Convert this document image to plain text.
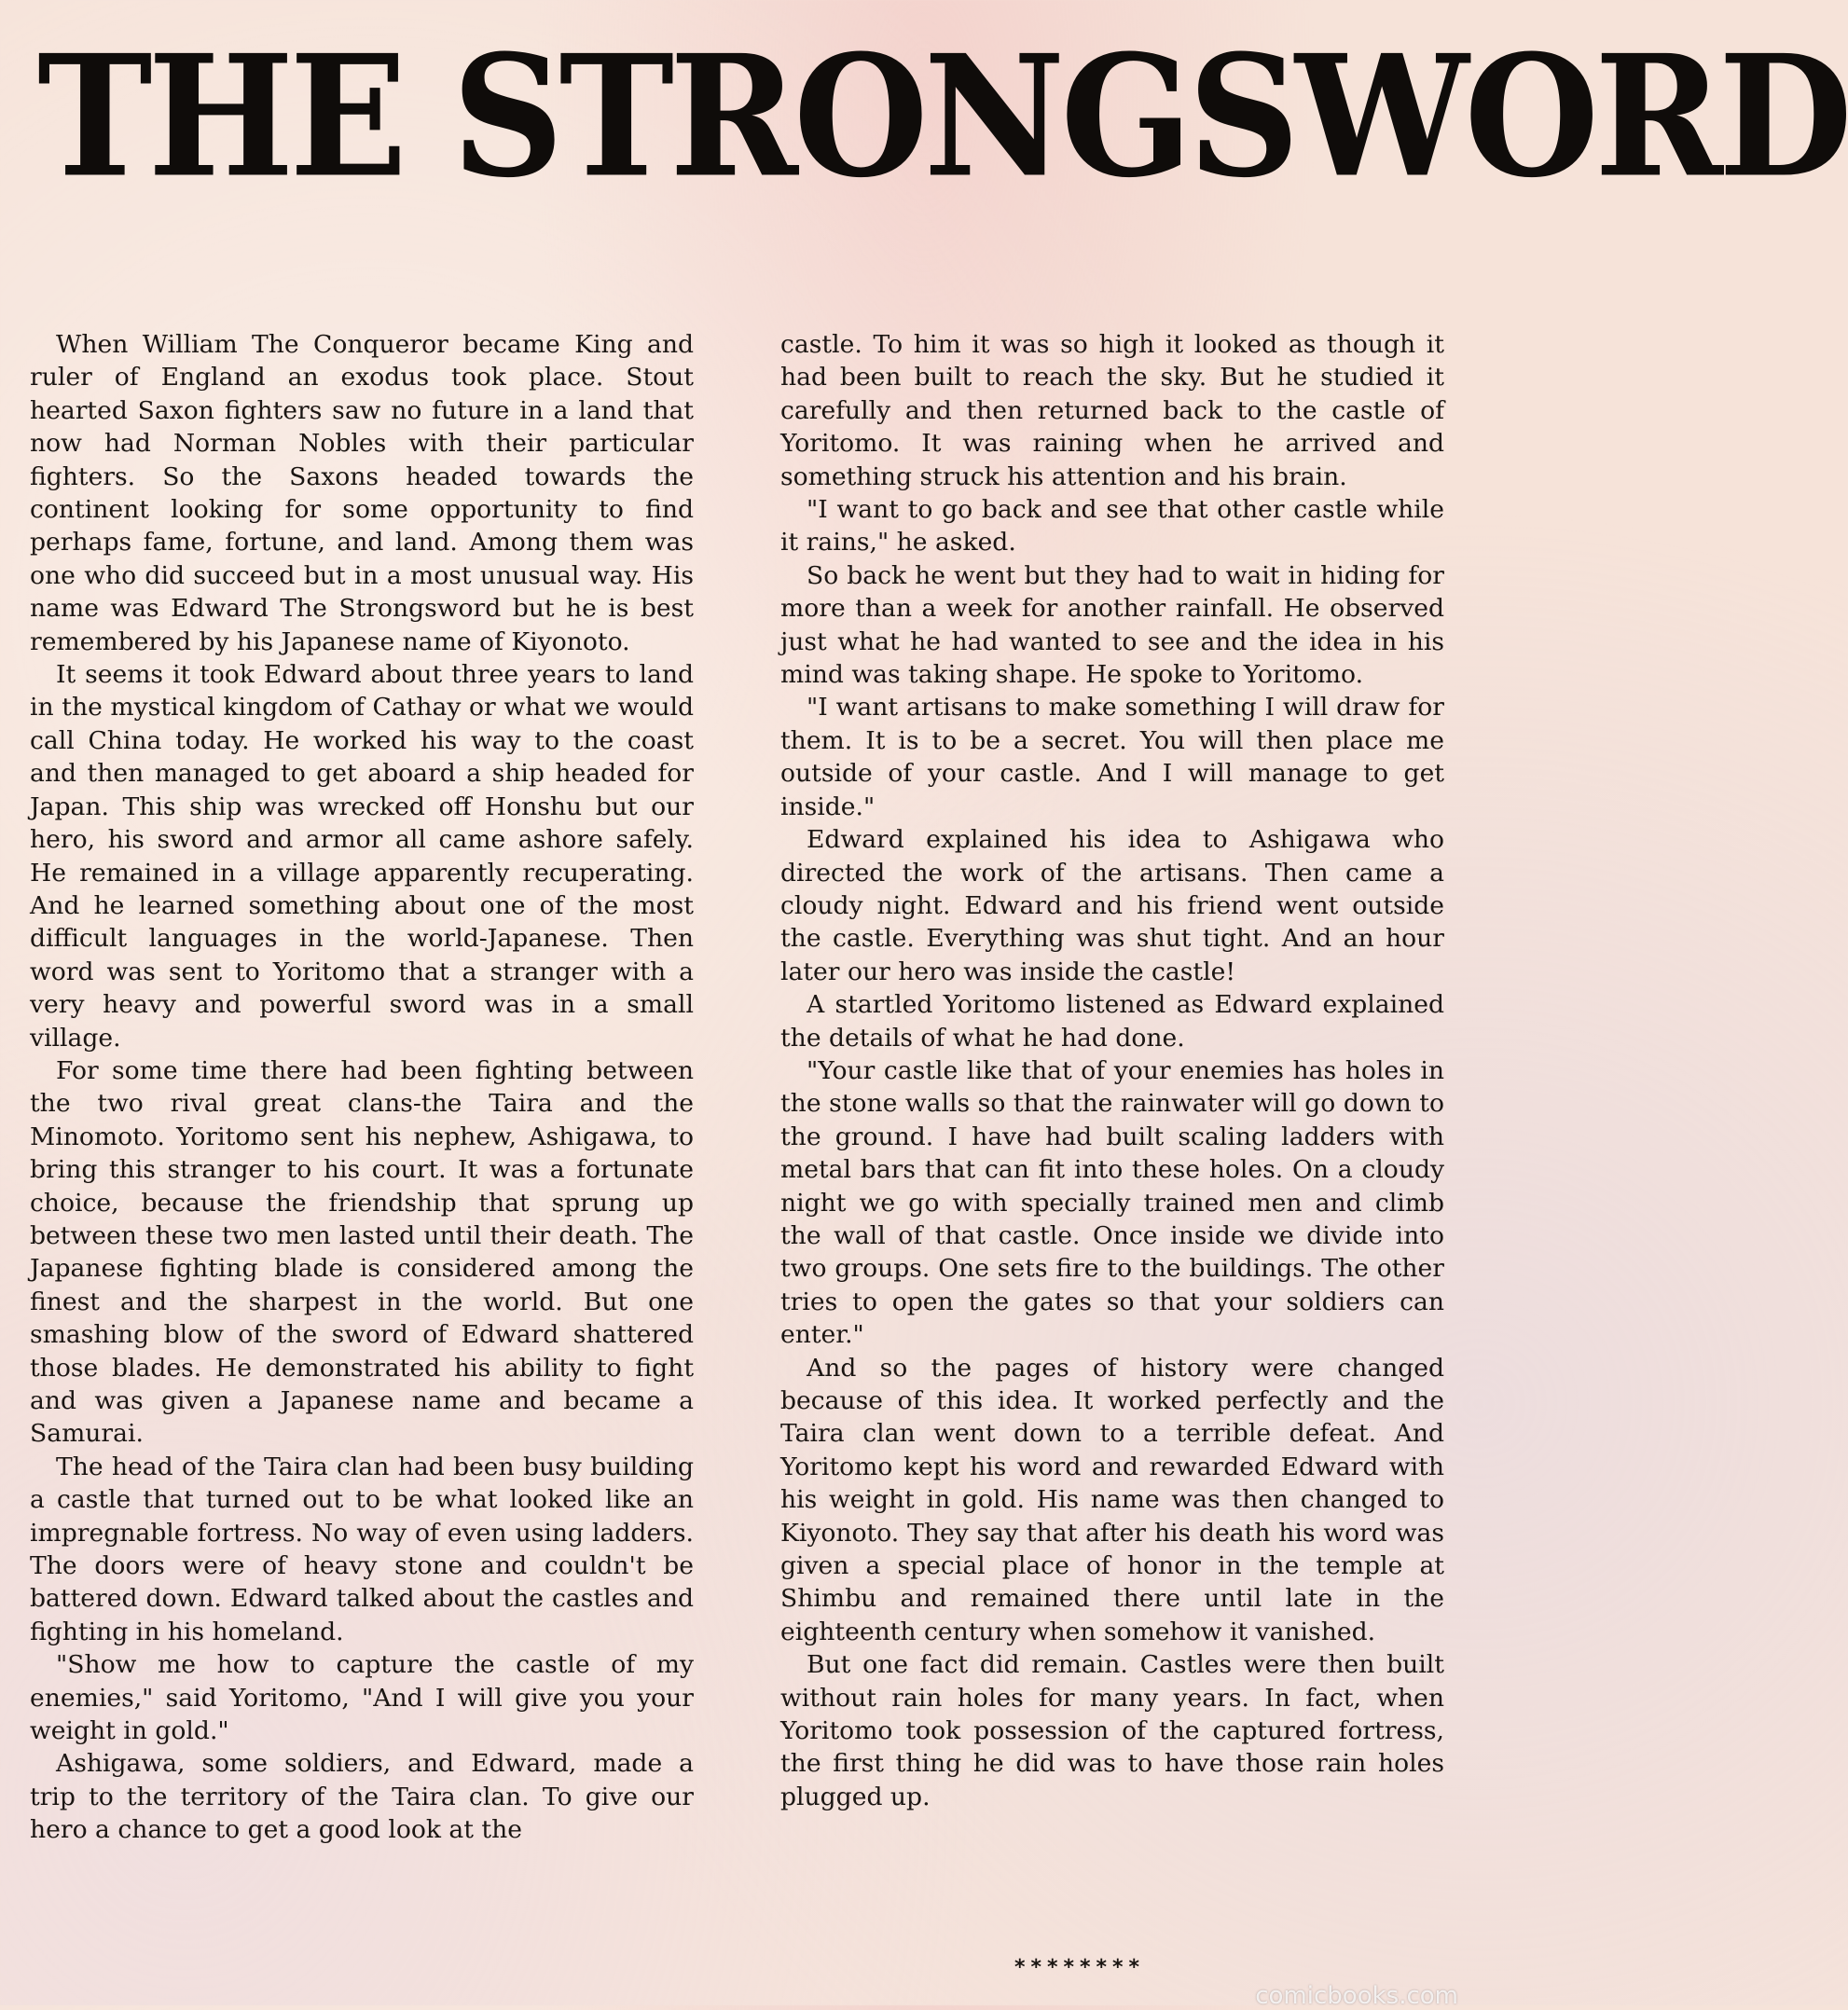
THE STRONGSWORD

When William The Conqueror became King and ruler of England an exodus took place. Stout hearted Saxon fighters saw no future in a land that now had Norman Nobles with their particular fighters. So the Saxons headed towards the continent looking for some opportunity to find perhaps fame, fortune, and land. Among them was one who did succeed but in a most unusual way. His name was Edward The Strongsword but he is best remembered by his Japanese name of Kiyonoto.

It seems it took Edward about three years to land in the mystical kingdom of Cathay or what we would call China today. He worked his way to the coast and then managed to get aboard a ship headed for Japan. This ship was wrecked off Honshu but our hero, his sword and armor all came ashore safely. He remained in a village apparently recuperating. And he learned something about one of the most difficult languages in the world-Japanese. Then word was sent to Yoritomo that a stranger with a very heavy and powerful sword was in a small village.

For some time there had been fighting between the two rival great clans-the Taira and the Minomoto. Yoritomo sent his nephew, Ashigawa, to bring this stranger to his court. It was a fortunate choice, because the friendship that sprung up between these two men lasted until their death. The Japanese fighting blade is considered among the finest and the sharpest in the world. But one smashing blow of the sword of Edward shattered those blades. He demonstrated his ability to fight and was given a Japanese name and became a Samurai.

The head of the Taira clan had been busy building a castle that turned out to be what looked like an impregnable fortress. No way of even using ladders. The doors were of heavy stone and couldn't be battered down. Edward talked about the castles and fighting in his homeland.

"Show me how to capture the castle of my enemies," said Yoritomo, "And I will give you your weight in gold."

Ashigawa, some soldiers, and Edward, made a trip to the territory of the Taira clan. To give our hero a chance to get a good look at the

castle. To him it was so high it looked as though it had been built to reach the sky. But he studied it carefully and then returned back to the castle of Yoritomo. It was raining when he arrived and something struck his attention and his brain.

"I want to go back and see that other castle while it rains," he asked.

So back he went but they had to wait in hiding for more than a week for another rainfall. He observed just what he had wanted to see and the idea in his mind was taking shape. He spoke to Yoritomo.

"I want artisans to make something I will draw for them. It is to be a secret. You will then place me outside of your castle. And I will manage to get inside."

Edward explained his idea to Ashigawa who directed the work of the artisans. Then came a cloudy night. Edward and his friend went outside the castle. Everything was shut tight. And an hour later our hero was inside the castle!

A startled Yoritomo listened as Edward explained the details of what he had done.

"Your castle like that of your enemies has holes in the stone walls so that the rainwater will go down to the ground. I have had built scaling ladders with metal bars that can fit into these holes. On a cloudy night we go with specially trained men and climb the wall of that castle. Once inside we divide into two groups. One sets fire to the buildings. The other tries to open the gates so that your soldiers can enter."

And so the pages of history were changed because of this idea. It worked perfectly and the Taira clan went down to a terrible defeat. And Yoritomo kept his word and rewarded Edward with his weight in gold. His name was then changed to Kiyonoto. They say that after his death his word was given a special place of honor in the temple at Shimbu and remained there until late in the eighteenth century when somehow it vanished.

But one fact did remain. Castles were then built without rain holes for many years. In fact, when Yoritomo took possession of the captured fortress, the first thing he did was to have those rain holes plugged up.

********
comicbooks.com
